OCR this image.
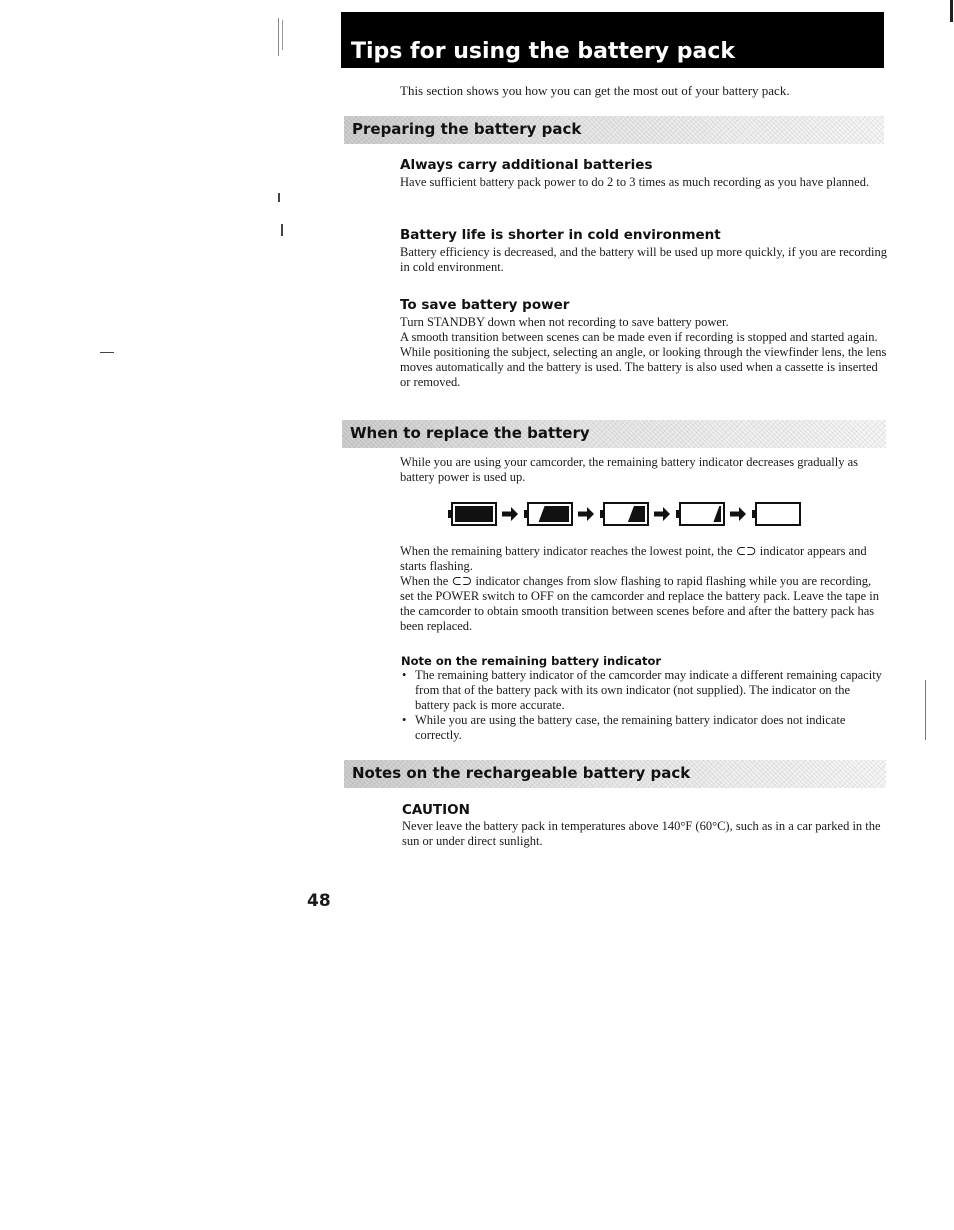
Tips for using the battery pack
This section shows you how you can get the most out of your battery pack.
Preparing the battery pack
Always carry additional batteries
Have sufficient battery pack power to do 2 to 3 times as much recording as you have planned.
Battery life is shorter in cold environment
Battery efficiency is decreased, and the battery will be used up more quickly, if you are recording in cold environment.
To save battery power

Turn STANDBY down when not recording to save battery power.

A smooth transition between scenes can be made even if recording is stopped and started again. While positioning the subject, selecting an angle, or looking through the viewfinder lens, the lens moves automatically and the battery is used. The battery is also used when a cassette is inserted or removed.

When to replace the battery
While you are using your camcorder, the remaining battery indicator decreases gradually as battery power is used up.

When the remaining battery indicator reaches the lowest point, the ⊂⊃ indicator appears and starts flashing.

When the ⊂⊃ indicator changes from slow flashing to rapid flashing while you are recording, set the POWER switch to OFF on the camcorder and replace the battery pack. Leave the tape in the camcorder to obtain smooth transition between scenes before and after the battery pack has been replaced.

Note on the remaining battery indicator
• The remaining battery indicator of the camcorder may indicate a different remaining capacity from that of the battery pack with its own indicator (not supplied). The indicator on the battery pack is more accurate.
• While you are using the battery case, the remaining battery indicator does not indicate correctly.
Notes on the rechargeable battery pack
CAUTION
Never leave the battery pack in temperatures above 140°F (60°C), such as in a car parked in the sun or under direct sunlight.
48
